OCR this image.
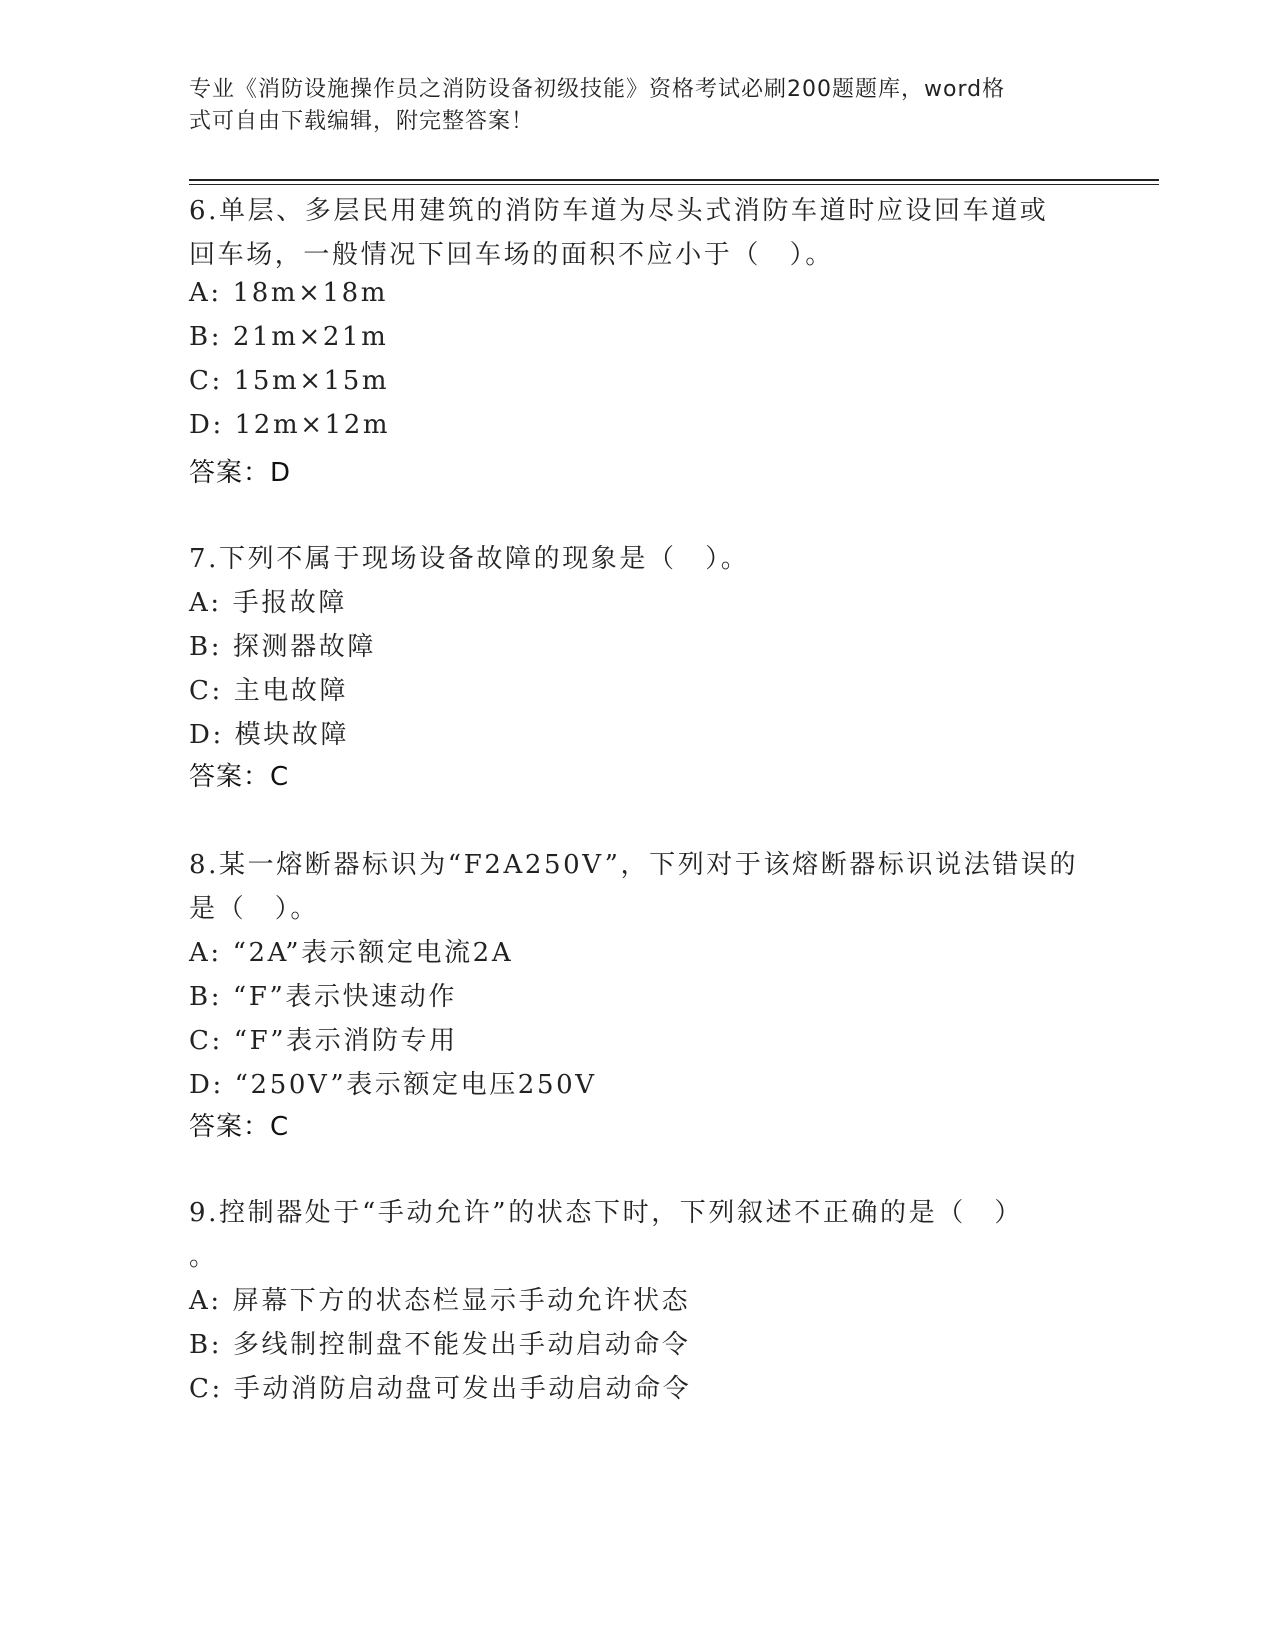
专业《消防设施操作员之消防设备初级技能》资格考试必刷200题题库，word格
式可自由下载编辑，附完整答案！
6.单层、多层民用建筑的消防车道为尽头式消防车道时应设回车道或
回车场，一般情况下回车场的面积不应小于（　）。
A: 18m×18m
B: 21m×21m
C: 15m×15m
D: 12m×12m
答案：D
7.下列不属于现场设备故障的现象是（　）。
A: 手报故障
B: 探测器故障
C: 主电故障
D: 模块故障
答案：C
8.某一熔断器标识为“F2A250V”，下列对于该熔断器标识说法错误的
是（　）。
A: “2A”表示额定电流2A
B: “F”表示快速动作
C: “F”表示消防专用
D: “250V”表示额定电压250V
答案：C
9.控制器处于“手动允许”的状态下时，下列叙述不正确的是（　）
。
A: 屏幕下方的状态栏显示手动允许状态
B: 多线制控制盘不能发出手动启动命令
C: 手动消防启动盘可发出手动启动命令
